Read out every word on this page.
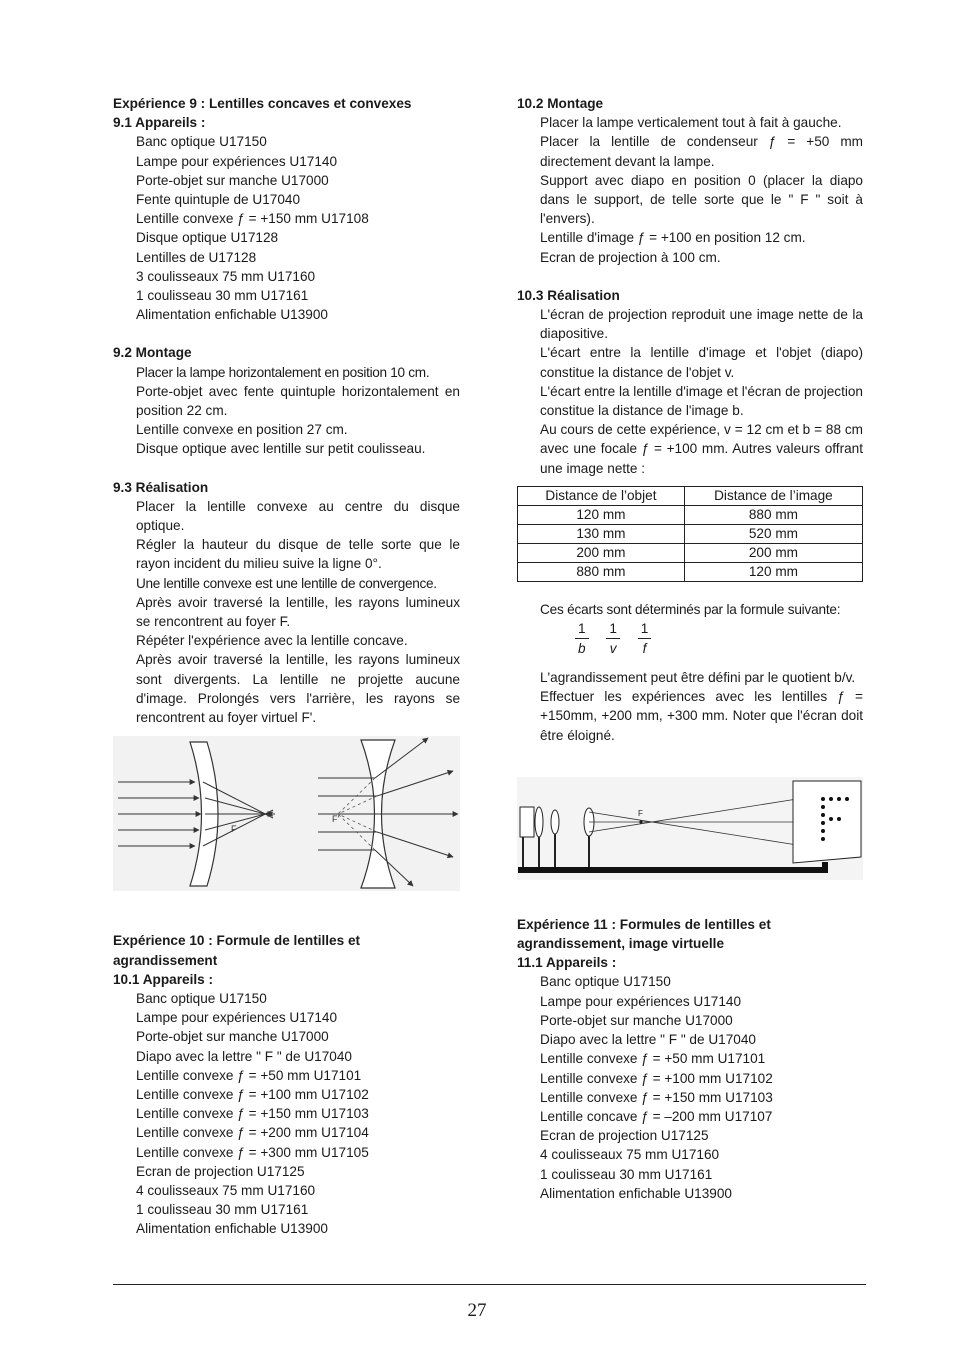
Expérience 9 : Lentilles concaves et convexes

9.1 Appareils :

Banc optique U17150

Lampe pour expériences U17140

Porte-objet sur manche U17000

Fente quintuple de U17040

Lentille convexe ƒ = +150 mm U17108

Disque optique U17128

Lentilles de U17128

3 coulisseaux 75 mm U17160

1 coulisseau 30 mm U17161

Alimentation enfichable U13900

9.2 Montage

Placer la lampe horizontalement en position 10 cm.

Porte-objet avec fente quintuple horizontalement en position 22 cm.

Lentille convexe en position 27 cm.

Disque optique avec lentille sur petit coulisseau.

9.3 Réalisation

Placer la lentille convexe au centre du disque optique.

Régler la hauteur du disque de telle sorte que le rayon incident du milieu suive la ligne 0°.

Une lentille convexe est une lentille de convergence.

Après avoir traversé la lentille, les rayons lumineux se rencontrent au foyer F.

Répéter l'expérience avec la lentille concave.

Après avoir traversé la lentille, les rayons lumineux sont divergents. La lentille ne projette aucune d'image. Prolongés vers l'arrière, les rayons se rencontrent au foyer virtuel F'.

F
F'

Expérience 10 : Formule de lentilles et agrandissement

10.1 Appareils :

Banc optique U17150

Lampe pour expériences U17140

Porte-objet sur manche U17000

Diapo avec la lettre " F " de U17040

Lentille convexe ƒ = +50 mm U17101

Lentille convexe ƒ = +100 mm U17102

Lentille convexe ƒ = +150 mm U17103

Lentille convexe ƒ = +200 mm U17104

Lentille convexe ƒ = +300 mm U17105

Ecran de projection U17125

4 coulisseaux 75 mm U17160

1 coulisseau 30 mm U17161

Alimentation enfichable U13900

10.2 Montage

Placer la lampe verticalement tout à fait à gauche.

Placer la lentille de condenseur ƒ = +50 mm directement devant la lampe.

Support avec diapo en position 0 (placer la diapo dans le support, de telle sorte que le " F " soit à l'envers).

Lentille d'image ƒ = +100 en position 12 cm.

Ecran de projection à 100 cm.

10.3 Réalisation

L'écran de projection reproduit une image nette de la diapositive.

L'écart entre la lentille d'image et l'objet (diapo) constitue la distance de l'objet v.

L'écart entre la lentille d'image et l'écran de projection constitue la distance de l'image b.

Au cours de cette expérience, v = 12 cm et b = 88 cm avec une focale ƒ = +100 mm. Autres valeurs offrant une image nette :

Distance de l’objet	Distance de l’image
120 mm	880 mm
130 mm	520 mm
200 mm	200 mm
880 mm	120 mm

Ces écarts sont déterminés par la formule suivante:

$\frac{1}{b}$
$\frac{1}{v}$
$\frac{1}{f}$

L'agrandissement peut être défini par le quotient b/v.

Effectuer les expériences avec les lentilles ƒ = +150mm, +200 mm, +300 mm. Noter que l'écran doit être éloigné.

F

Expérience 11 : Formules de lentilles et agrandissement, image virtuelle

11.1 Appareils :

Banc optique U17150

Lampe pour expériences U17140

Porte-objet sur manche U17000

Diapo avec la lettre " F " de U17040

Lentille convexe ƒ = +50 mm U17101

Lentille convexe ƒ = +100 mm U17102

Lentille convexe ƒ = +150 mm U17103

Lentille concave ƒ = –200 mm U17107

Ecran de projection U17125

4 coulisseaux 75 mm U17160

1 coulisseau 30 mm U17161

Alimentation enfichable U13900

27
